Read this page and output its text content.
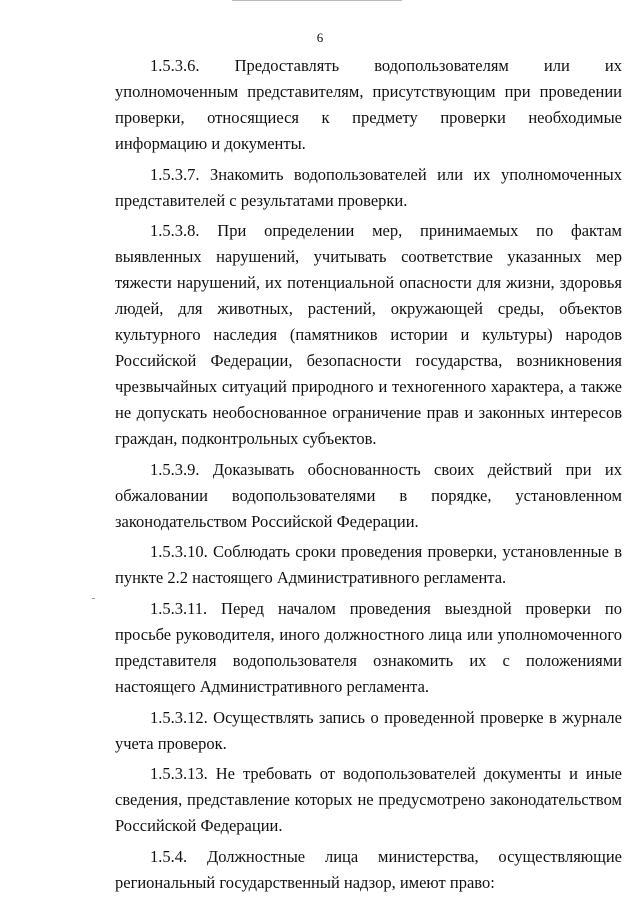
6

1.5.3.6. Предоставлять водопользователям или их уполномоченным представителям, присутствующим при проведении проверки, относящиеся к предмету проверки необходимые информацию и документы.

1.5.3.7. Знакомить водопользователей или их уполномоченных представителей с результатами проверки.

1.5.3.8. При определении мер, принимаемых по фактам выявленных нарушений, учитывать соответствие указанных мер тяжести нарушений, их потенциальной опасности для жизни, здоровья людей, для животных, растений, окружающей среды, объектов культурного наследия (памятников истории и культуры) народов Российской Федерации, безопасности государства, возникновения чрезвычайных ситуаций природного и техногенного характера, а также не допускать необоснованное ограничение прав и законных интересов граждан, подконтрольных субъектов.

1.5.3.9. Доказывать обоснованность своих действий при их обжаловании водопользователями в порядке, установленном законодательством Российской Федерации.

1.5.3.10. Соблюдать сроки проведения проверки, установленные в пункте 2.2 настоящего Административного регламента.

1.5.3.11. Перед началом проведения выездной проверки по просьбе руководителя, иного должностного лица или уполномоченного представителя водопользователя ознакомить их с положениями настоящего Административного регламента.

1.5.3.12. Осуществлять запись о проведенной проверке в журнале учета проверок.

1.5.3.13. Не требовать от водопользователей документы и иные сведения, представление которых не предусмотрено законодательством Российской Федерации.

1.5.4. Должностные лица министерства, осуществляющие региональный государственный надзор, имеют право:
